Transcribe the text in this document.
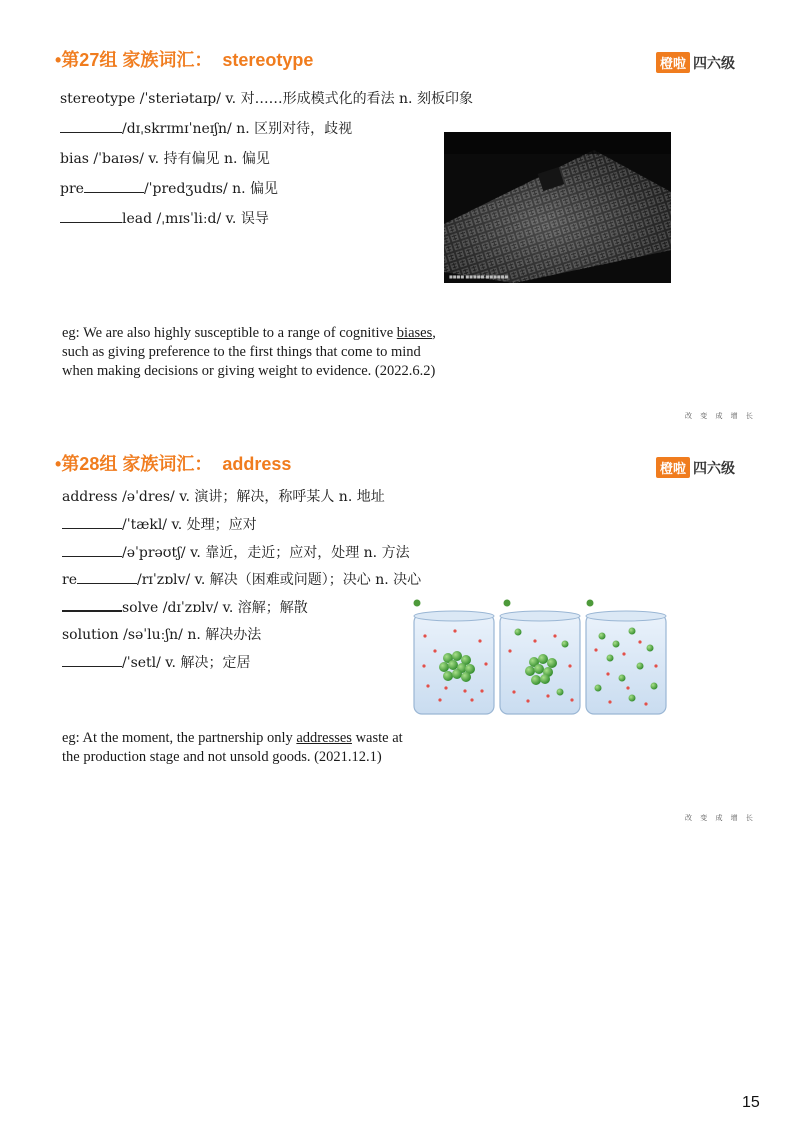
•第27组 家族词汇： stereotype	橙啦 四六级
stereotype /ˈsteriətaɪp/ v. 对……形成模式化的看法 n. 刻板印象
/dɪˌskrɪmɪˈneɪʃn/ n. 区别对待，歧视
bias /ˈbaɪəs/ v. 持有偏见 n. 偏见
pre	/ˈpredʒudɪs/ n. 偏见
lead /ˌmɪsˈliːd/ v. 误导
■■■■ ■■■■■ ■■■■■■
eg: We are also highly susceptible to a range of cognitive biases,
such as giving preference to the first things that come to mind
when making decisions or giving weight to evidence. (2022.6.2)
改 变 成 增 长
•第28组 家族词汇： address	橙啦 四六级
address /əˈdres/ v. 演讲；解决，称呼某人 n. 地址
/ˈtækl/ v. 处理；应对
/əˈprəʊtʃ/ v. 靠近，走近；应对，处理 n. 方法
re	/rɪˈzɒlv/ v. 解决（困难或问题）；决心 n. 决心
solve /dɪˈzɒlv/ v. 溶解；解散
solution /səˈluːʃn/ n. 解决办法
/ˈsetl/ v. 解决；定居
eg: At the moment, the partnership only addresses waste at
the production stage and not unsold goods. (2021.12.1)
改 变 成 增 长
15
